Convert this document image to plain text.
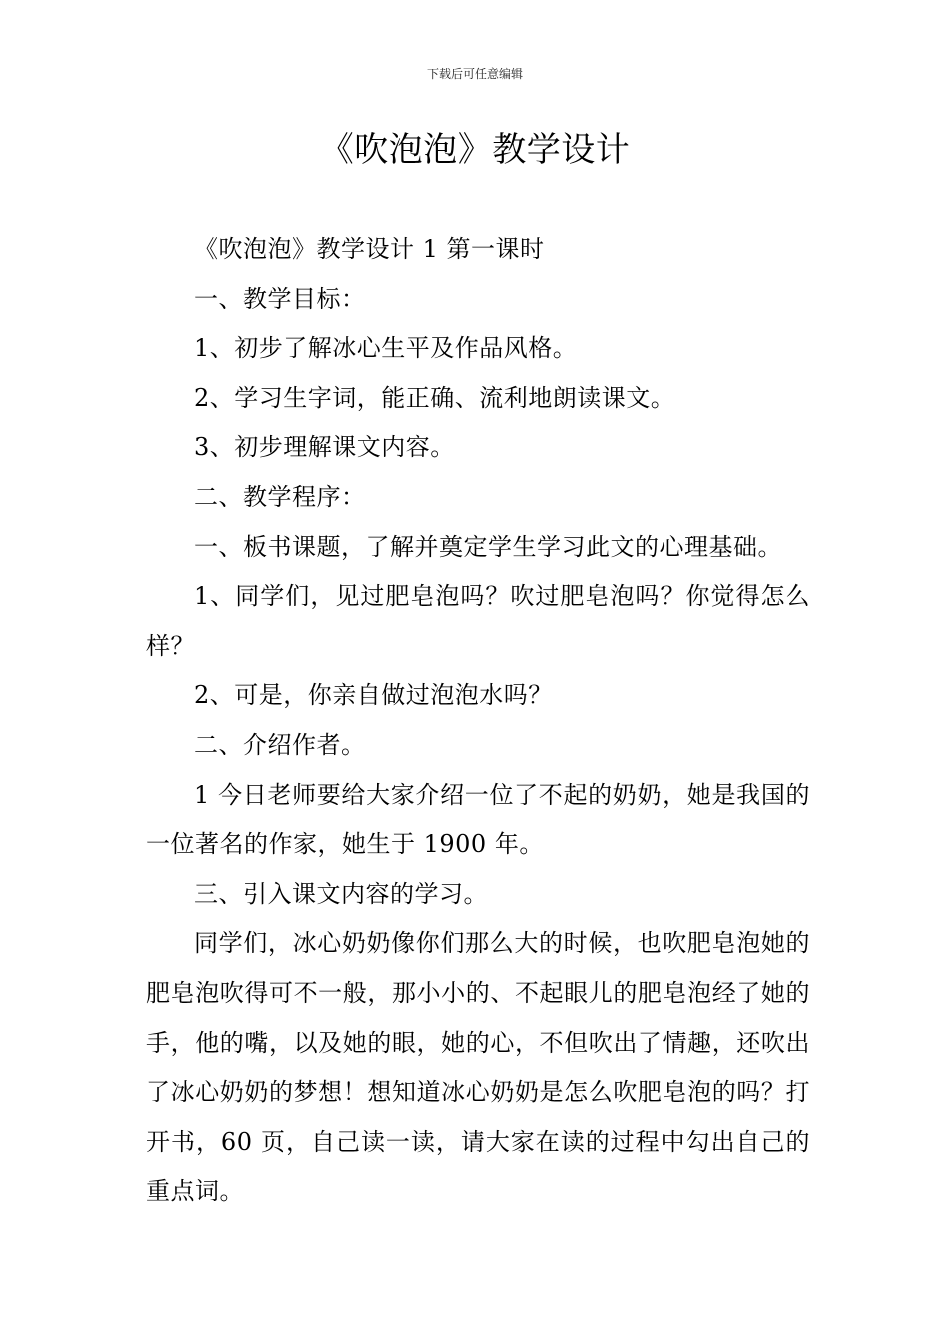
下载后可任意编辑
《吹泡泡》教学设计

《吹泡泡》教学设计 1 第一课时

一、教学目标：

1、初步了解冰心生平及作品风格。

2、学习生字词，能正确、流利地朗读课文。

3、初步理解课文内容。

二、教学程序：

一、板书课题，了解并奠定学生学习此文的心理基础。

1、同学们，见过肥皂泡吗？吹过肥皂泡吗？你觉得怎么样？

2、可是，你亲自做过泡泡水吗？

二、介绍作者。

1 今日老师要给大家介绍一位了不起的奶奶，她是我国的一位著名的作家，她生于 1900 年。

三、引入课文内容的学习。

同学们，冰心奶奶像你们那么大的时候，也吹肥皂泡她的肥皂泡吹得可不一般，那小小的、不起眼儿的肥皂泡经了她的手，他的嘴，以及她的眼，她的心，不但吹出了情趣，还吹出了冰心奶奶的梦想！想知道冰心奶奶是怎么吹肥皂泡的吗？打开书，60 页，自己读一读，请大家在读的过程中勾出自己的重点词。
